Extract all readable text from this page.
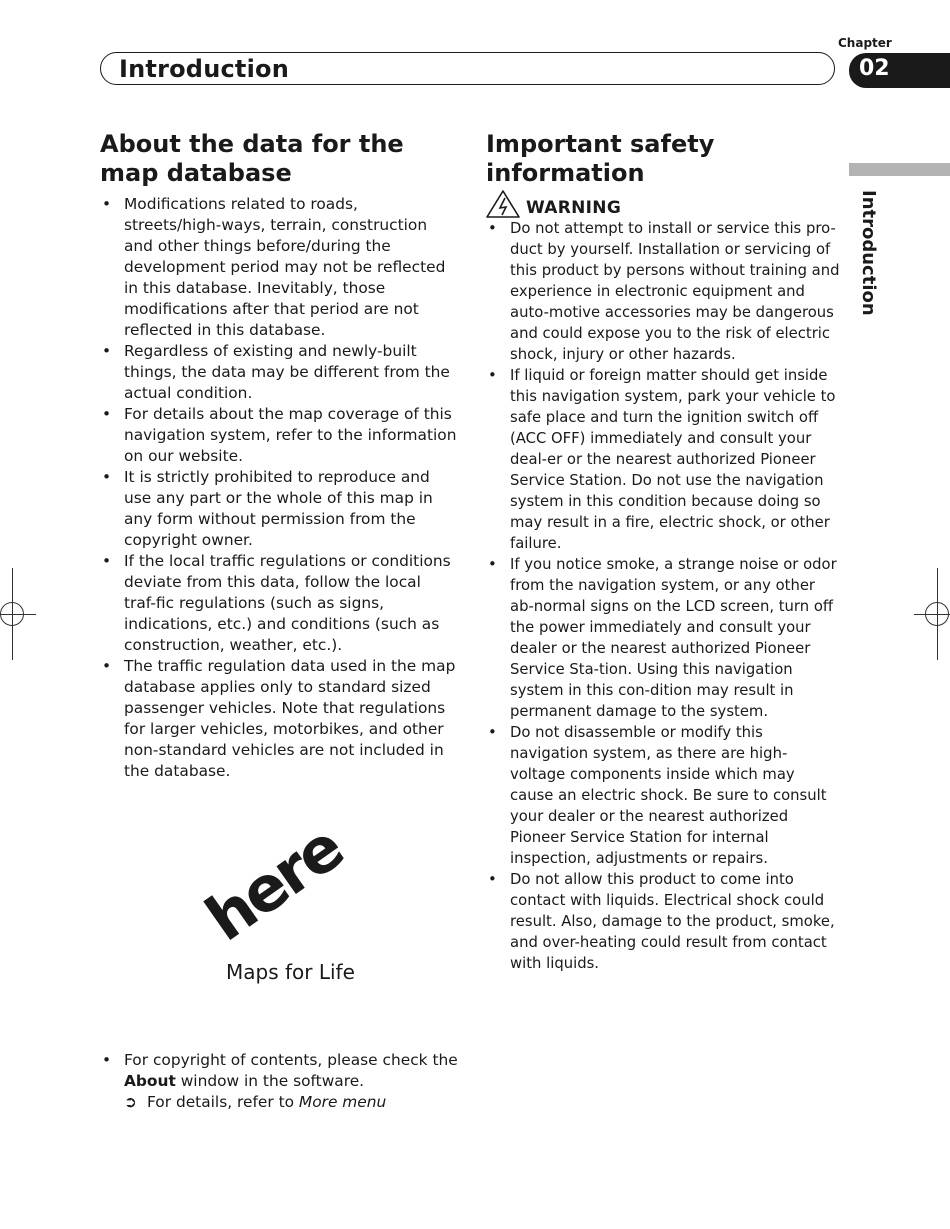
Chapter
Introduction	02
Introduction
About the data for the map database
• Modifications related to roads, streets/high-ways, terrain, construction and other things before/during the development period may not be reflected in this database. Inevitably, those modifications after that period are not reflected in this database.
• Regardless of existing and newly-built things, the data may be different from the actual condition.
• For details about the map coverage of this navigation system, refer to the information on our website.
• It is strictly prohibited to reproduce and use any part or the whole of this map in any form without permission from the copyright owner.
• If the local traffic regulations or conditions deviate from this data, follow the local traf-fic regulations (such as signs, indications, etc.) and conditions (such as construction, weather, etc.).
• The traffic regulation data used in the map database applies only to standard sized passenger vehicles. Note that regulations for larger vehicles, motorbikes, and other non-standard vehicles are not included in the database.
here
Maps for Life
• For copyright of contents, please check the About window in the software.
➲ For details, refer to More menu
Important safety information
WARNING
• Do not attempt to install or service this pro-duct by yourself. Installation or servicing of this product by persons without training and experience in electronic equipment and auto-motive accessories may be dangerous and could expose you to the risk of electric shock, injury or other hazards.
• If liquid or foreign matter should get inside this navigation system, park your vehicle to safe place and turn the ignition switch off (ACC OFF) immediately and consult your deal-er or the nearest authorized Pioneer Service Station. Do not use the navigation system in this condition because doing so may result in a fire, electric shock, or other failure.
• If you notice smoke, a strange noise or odor from the navigation system, or any other ab-normal signs on the LCD screen, turn off the power immediately and consult your dealer or the nearest authorized Pioneer Service Sta-tion. Using this navigation system in this con-dition may result in permanent damage to the system.
• Do not disassemble or modify this navigation system, as there are high-voltage components inside which may cause an electric shock. Be sure to consult your dealer or the nearest authorized Pioneer Service Station for internal inspection, adjustments or repairs.
• Do not allow this product to come into contact with liquids. Electrical shock could result. Also, damage to the product, smoke, and over-heating could result from contact with liquids.
